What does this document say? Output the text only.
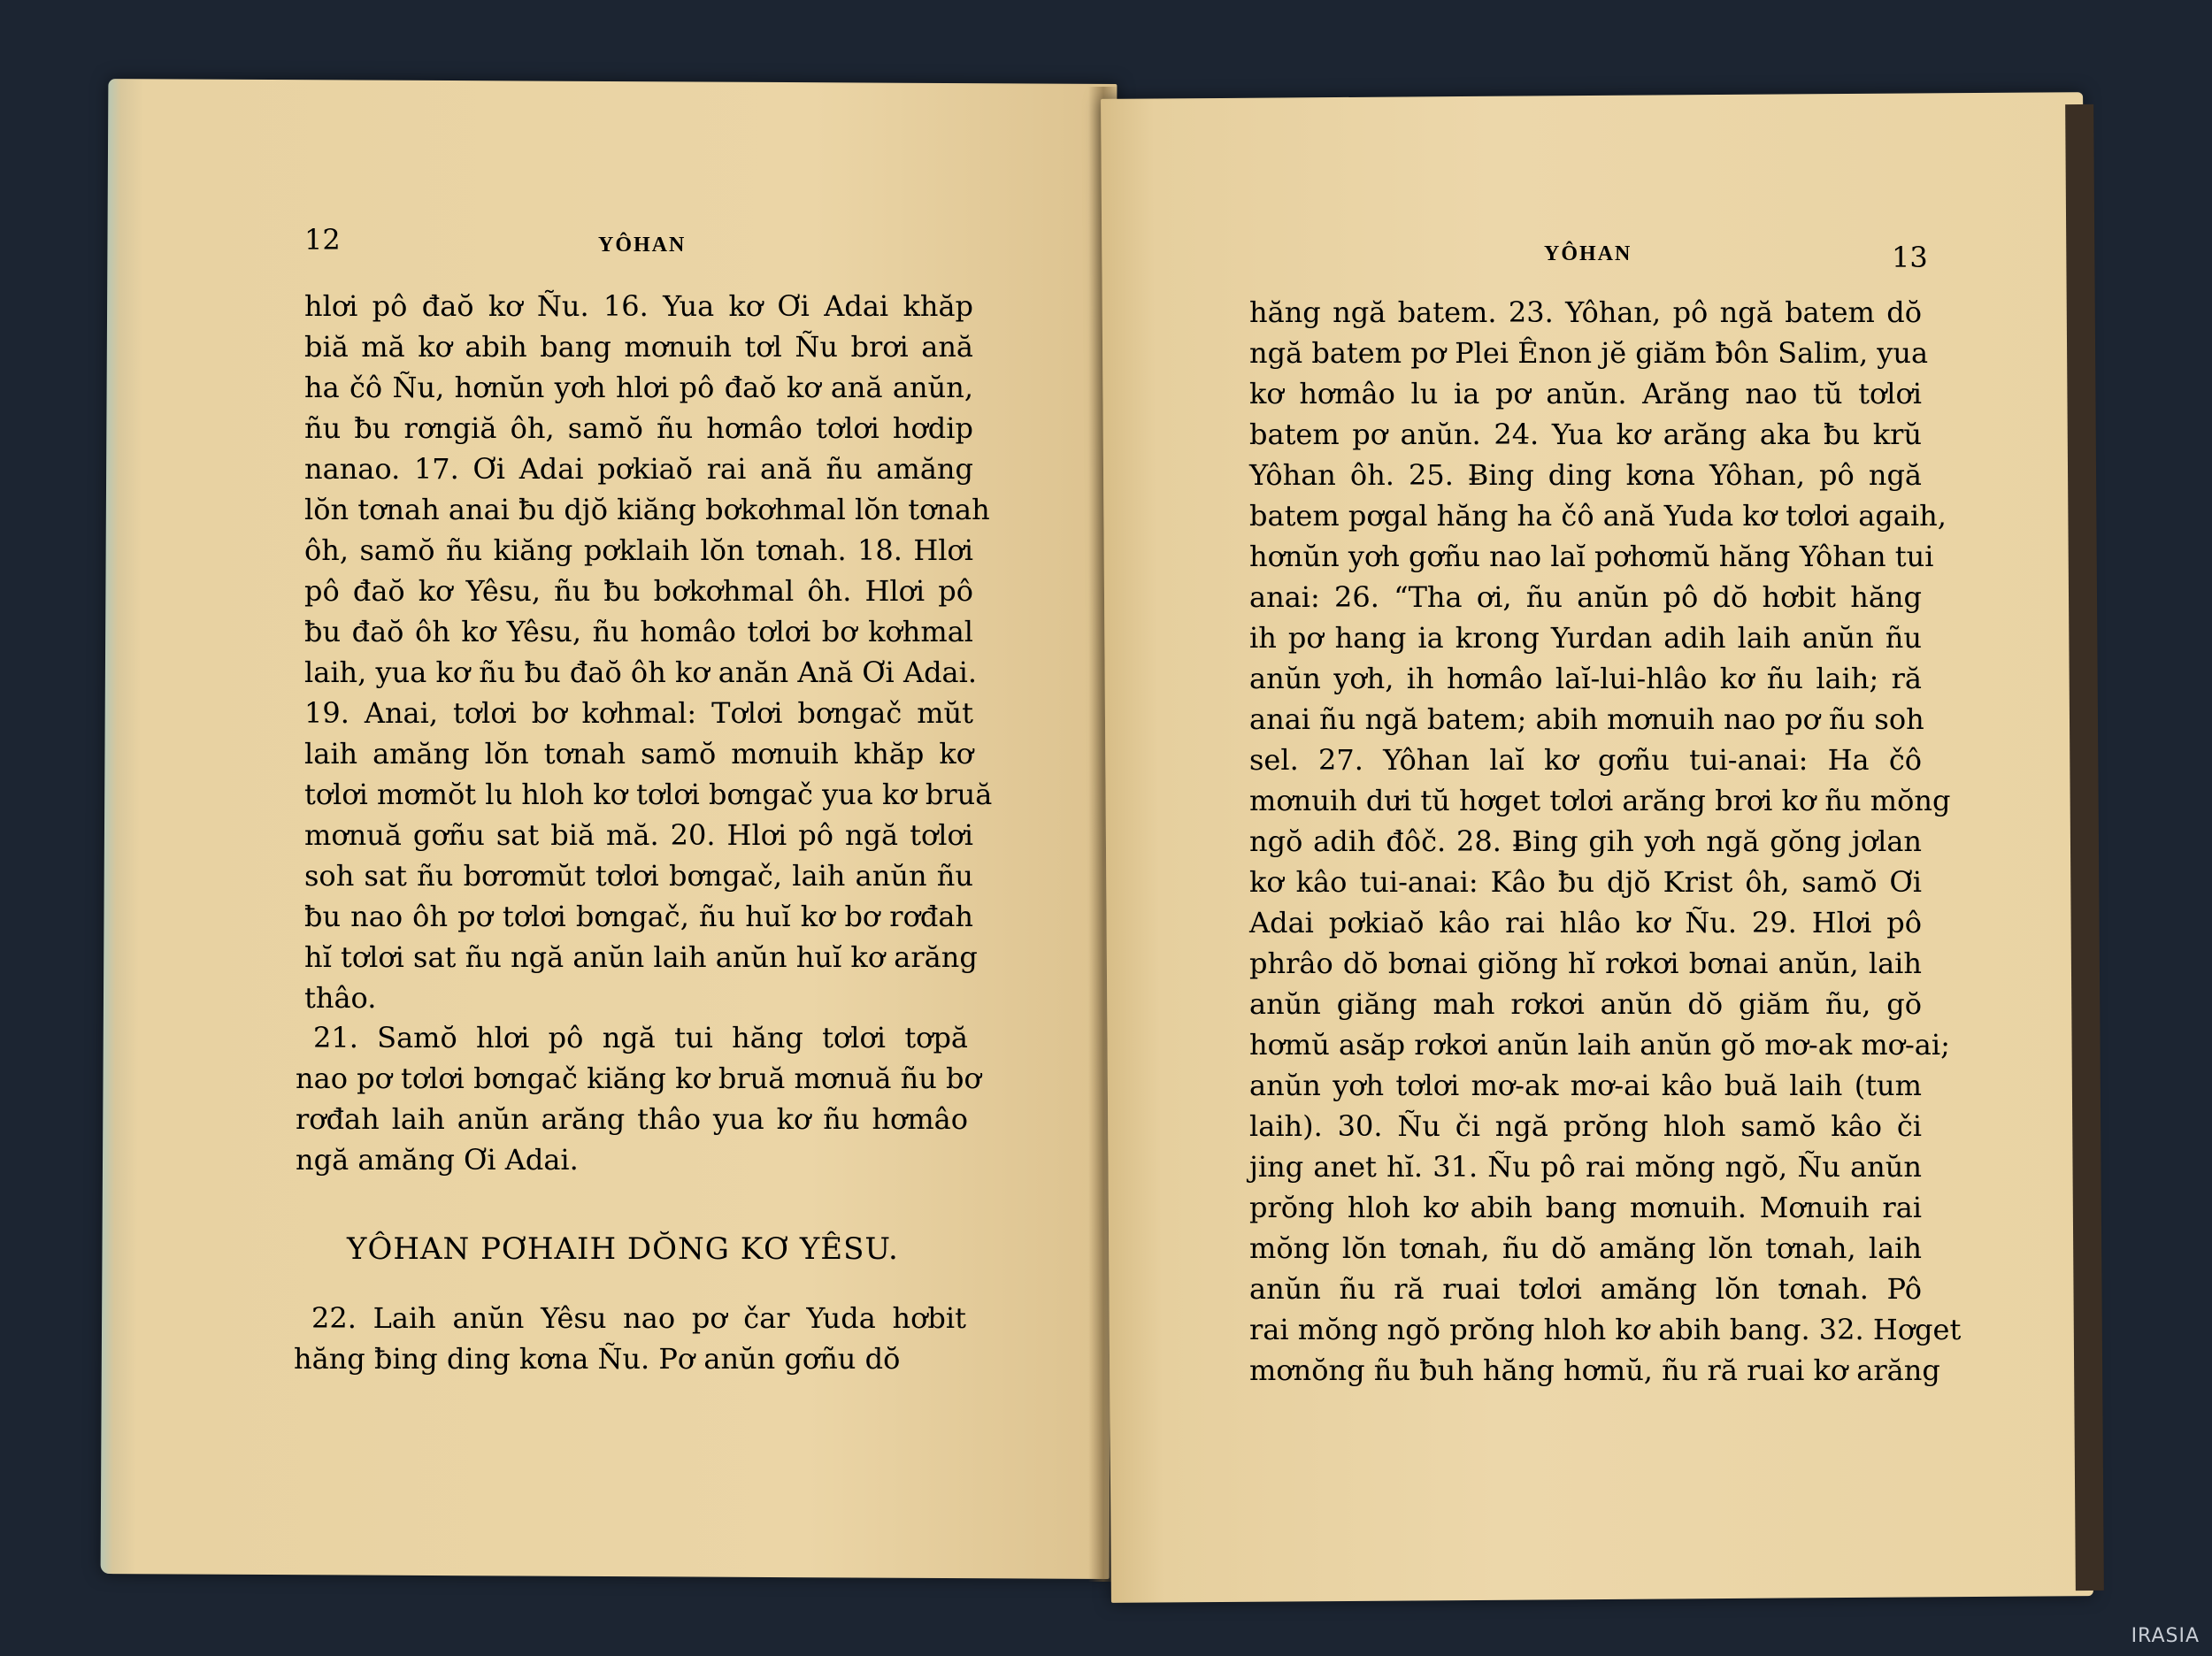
12	YÔHAN
hlơi pô đaŏ kơ Ñu. 16. Yua kơ Ơi Adai khăp
biă mă kơ abih bang mơnuih tơl Ñu brơi ană
ha čô Ñu, hơnŭn yơh hlơi pô đaŏ kơ ană anŭn,
ñu ƀu rơngiă ôh, samŏ ñu hơmâo tơlơi hơdip
nanao. 17. Ơi Adai pơkiaŏ rai ană ñu amăng
lŏn tơnah anai ƀu djŏ kiăng bơkơhmal lŏn tơnah
ôh, samŏ ñu kiăng pơklaih lŏn tơnah. 18. Hlơi
pô đaŏ kơ Yêsu, ñu ƀu bơkơhmal ôh. Hlơi pô
ƀu đaŏ ôh kơ Yêsu, ñu homâo tơlơi bơ kơhmal
laih, yua kơ ñu ƀu đaŏ ôh kơ anăn Ană Ơi Adai.
19. Anai, tơlơi bơ kơhmal: Tơlơi bơngač mŭt
laih amăng lŏn tơnah samŏ mơnuih khăp kơ
tơlơi mơmŏt lu hloh kơ tơlơi bơngač yua kơ bruă
mơnuă gơñu sat biă mă. 20. Hlơi pô ngă tơlơi
soh sat ñu bơrơmŭt tơlơi bơngač, laih anŭn ñu
ƀu nao ôh pơ tơlơi bơngač, ñu huĭ kơ bơ rơđah
hĭ tơlơi sat ñu ngă anŭn laih anŭn huĭ kơ arăng
thâo.
21. Samŏ hlơi pô ngă tui hăng tơlơi tơpă
nao pơ tơlơi bơngač kiăng kơ bruă mơnuă ñu bơ
rơđah laih anŭn arăng thâo yua kơ ñu hơmâo
ngă amăng Ơi Adai.
YÔHAN PƠHAIH DŎNG KƠ YÊSU.
22. Laih anŭn Yêsu nao pơ čar Yuda hơbit
hăng ƀing ding kơna Ñu. Pơ anŭn gơñu dŏ
YÔHAN	13
hăng ngă batem. 23. Yôhan, pô ngă batem dŏ
ngă batem pơ Plei Ênon jĕ giăm ƀôn Salim, yua
kơ hơmâo lu ia pơ anŭn. Arăng nao tŭ tơlơi
batem pơ anŭn. 24. Yua kơ arăng aka ƀu krŭ
Yôhan ôh. 25. Ƀing ding kơna Yôhan, pô ngă
batem pơgal hăng ha čô ană Yuda kơ tơlơi agaih,
hơnŭn yơh gơñu nao laĭ pơhơmŭ hăng Yôhan tui
anai: 26. “Tha ơi, ñu anŭn pô dŏ hơbit hăng
ih pơ hang ia krong Yurdan adih laih anŭn ñu
anŭn yơh, ih hơmâo laĭ-lui-hlâo kơ ñu laih; ră
anai ñu ngă batem; abih mơnuih nao pơ ñu soh
sel. 27. Yôhan laĭ kơ gơñu tui-anai: Ha čô
mơnuih dưi tŭ hơget tơlơi arăng brơi kơ ñu mŏng
ngŏ adih đôč. 28. Ƀing gih yơh ngă gŏng jơlan
kơ kâo tui-anai: Kâo ƀu djŏ Krist ôh, samŏ Ơi
Adai pơkiaŏ kâo rai hlâo kơ Ñu. 29. Hlơi pô
phrâo dŏ bơnai giŏng hĭ rơkơi bơnai anŭn, laih
anŭn giăng mah rơkơi anŭn dŏ giăm ñu, gŏ
hơmŭ asăp rơkơi anŭn laih anŭn gŏ mơ-ak mơ-ai;
anŭn yơh tơlơi mơ-ak mơ-ai kâo buă laih (tum
laih). 30. Ñu či ngă prŏng hloh samŏ kâo či
jing anet hĭ. 31. Ñu pô rai mŏng ngŏ, Ñu anŭn
prŏng hloh kơ abih bang mơnuih. Mơnuih rai
mŏng lŏn tơnah, ñu dŏ amăng lŏn tơnah, laih
anŭn ñu ră ruai tơlơi amăng lŏn tơnah. Pô
rai mŏng ngŏ prŏng hloh kơ abih bang. 32. Hơget
mơnŏng ñu ƀuh hăng hơmŭ, ñu ră ruai kơ arăng
IRASIA
